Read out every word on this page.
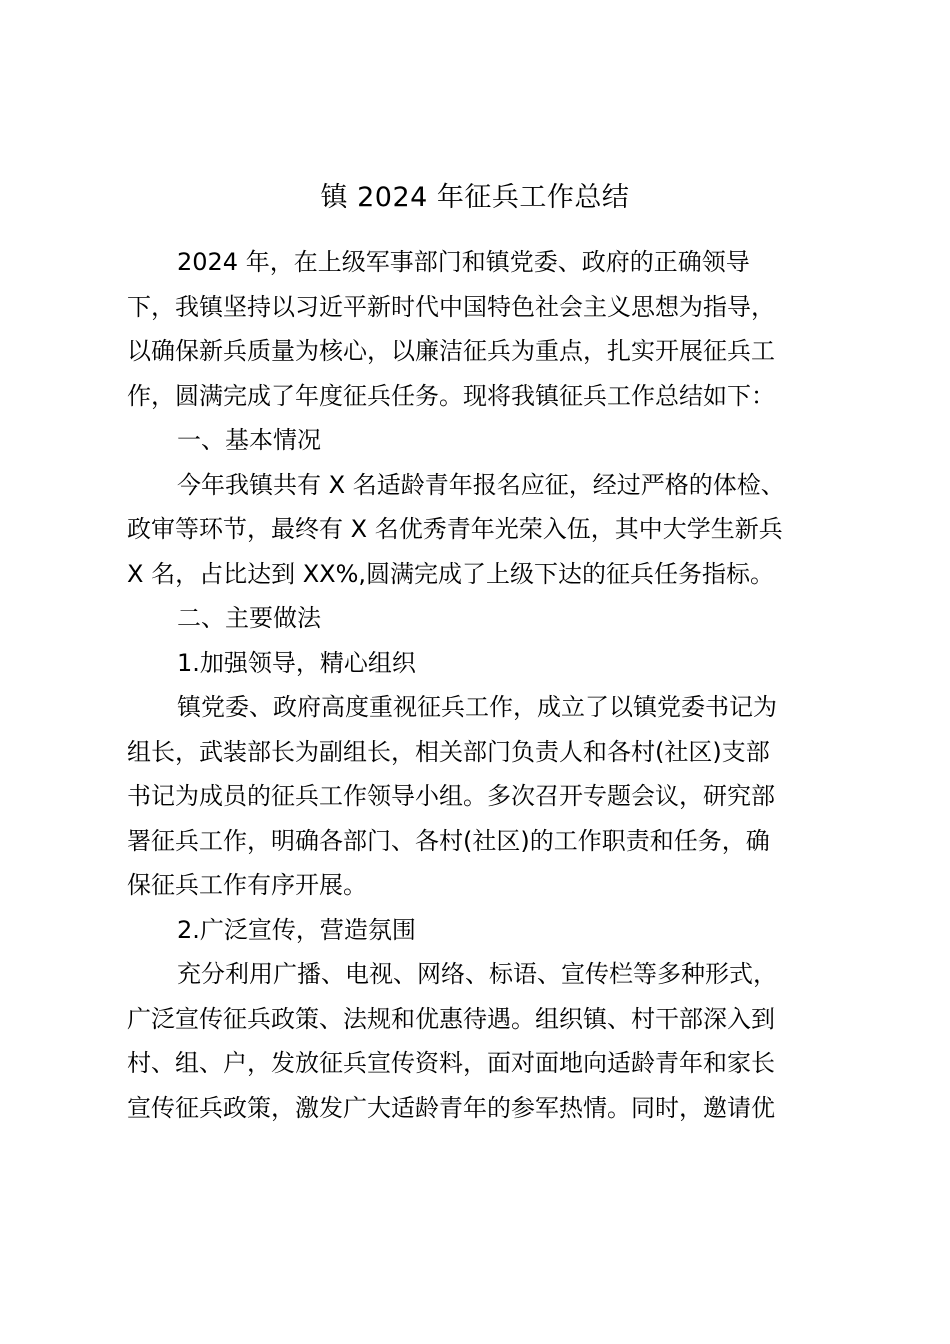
镇 2024 年征兵工作总结
2024 年，在上级军事部门和镇党委、政府的正确领导
下，我镇坚持以习近平新时代中国特色社会主义思想为指导，
以确保新兵质量为核心，以廉洁征兵为重点，扎实开展征兵工
作，圆满完成了年度征兵任务。现将我镇征兵工作总结如下：
一、基本情况
今年我镇共有 X 名适龄青年报名应征，经过严格的体检、
政审等环节，最终有 X 名优秀青年光荣入伍，其中大学生新兵
X 名，占比达到 XX%,圆满完成了上级下达的征兵任务指标。
二、主要做法
1.加强领导，精心组织
镇党委、政府高度重视征兵工作，成立了以镇党委书记为
组长，武装部长为副组长，相关部门负责人和各村(社区)支部
书记为成员的征兵工作领导小组。多次召开专题会议，研究部
署征兵工作，明确各部门、各村(社区)的工作职责和任务，确
保征兵工作有序开展。
2.广泛宣传，营造氛围
充分利用广播、电视、网络、标语、宣传栏等多种形式，
广泛宣传征兵政策、法规和优惠待遇。组织镇、村干部深入到
村、组、户，发放征兵宣传资料，面对面地向适龄青年和家长
宣传征兵政策，激发广大适龄青年的参军热情。同时，邀请优
